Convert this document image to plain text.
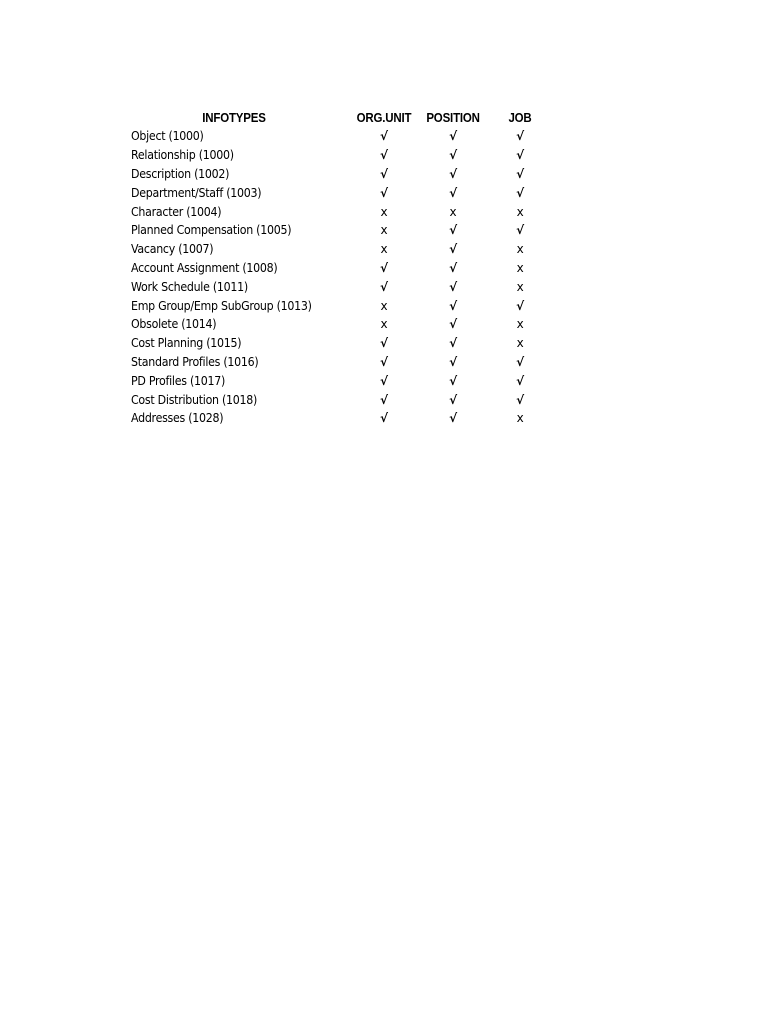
INFOTYPES	ORG.UNIT	POSITION	JOB
Object (1000)	√	√	√
Relationship (1000)	√	√	√
Description (1002)	√	√	√
Department/Staff (1003)	√	√	√
Character (1004)	x	x	x
Planned Compensation (1005)	x	√	√
Vacancy (1007)	x	√	x
Account Assignment (1008)	√	√	x
Work Schedule (1011)	√	√	x
Emp Group/Emp SubGroup (1013)	x	√	√
Obsolete (1014)	x	√	x
Cost Planning (1015)	√	√	x
Standard Profiles (1016)	√	√	√
PD Profiles (1017)	√	√	√
Cost Distribution (1018)	√	√	√
Addresses (1028)	√	√	x
